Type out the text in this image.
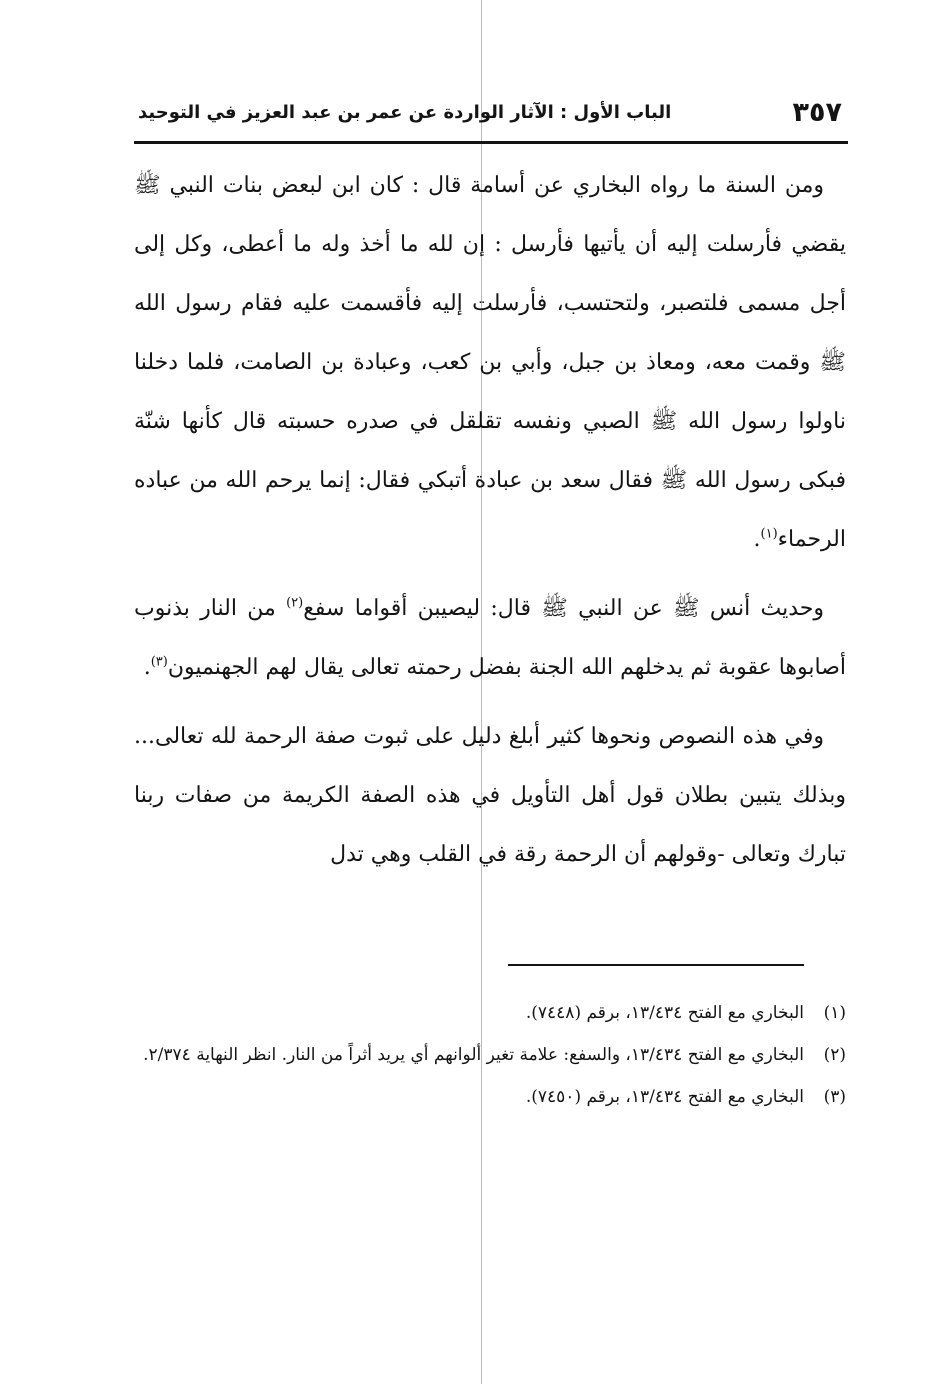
٣٥٧
الباب الأول : الآثار الواردة عن عمر بن عبد العزيز في التوحيد

ومن السنة ما رواه البخاري عن أسامة قال : كان ابن لبعض بنات النبي ﷺ يقضي فأرسلت إليه أن يأتيها فأرسل : إن لله ما أخذ وله ما أعطى، وكل إلى أجل مسمى فلتصبر، ولتحتسب، فأرسلت إليه فأقسمت عليه فقام رسول الله ﷺ وقمت معه، ومعاذ بن جبل، وأبي بن كعب، وعبادة بن الصامت، فلما دخلنا ناولوا رسول الله ﷺ الصبي ونفسه تقلقل في صدره حسبته قال كأنها شنّة فبكى رسول الله ﷺ فقال سعد بن عبادة أتبكي فقال: إنما يرحم الله من عباده الرحماء$^{(١)}$.

وحديث أنس ﷺ عن النبي ﷺ قال: ليصيبن أقواما سفع$^{(٢)}$ من النار بذنوب أصابوها عقوبة ثم يدخلهم الله الجنة بفضل رحمته تعالى يقال لهم الجهنميون$^{(٣)}$.

وفي هذه النصوص ونحوها كثير أبلغ دليل على ثبوت صفة الرحمة لله تعالى... وبذلك يتبين بطلان قول أهل التأويل في هذه الصفة الكريمة من صفات ربنا تبارك وتعالى -وقولهم أن الرحمة رقة في القلب وهي تدل

(١)
البخاري مع الفتح ١٣/٤٣٤، برقم (٧٤٤٨).
(٢)
البخاري مع الفتح ١٣/٤٣٤، والسفع: علامة تغير ألوانهم أي يريد أثراً من النار. انظر النهاية ٢/٣٧٤.
(٣)
البخاري مع الفتح ١٣/٤٣٤، برقم (٧٤٥٠).
